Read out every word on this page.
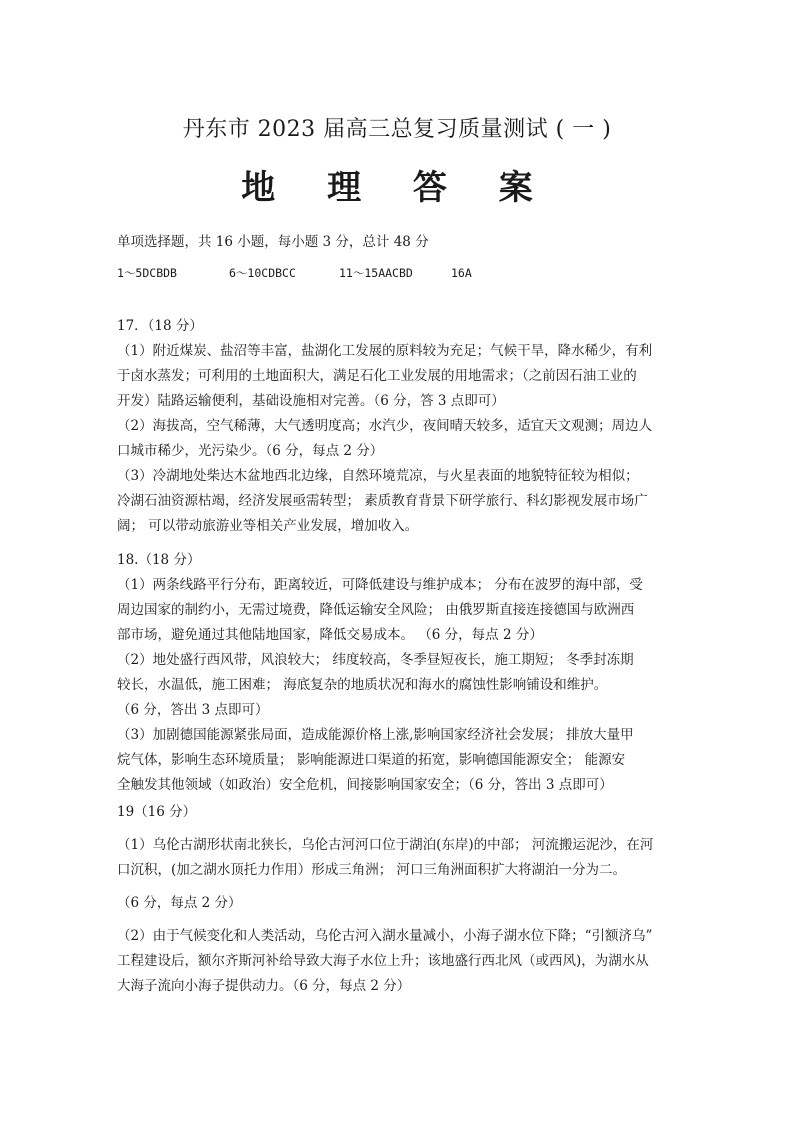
丹东市 2023 届高三总复习质量测试 ( 一 )
地 理 答 案
单项选择题，共 16 小题，每小题 3 分，总计 48 分
1～5DCBDB	6～10CDBCC	11～15AACBD	16A
17．（18 分）
（1）附近煤炭、盐沼等丰富，盐湖化工发展的原料较为充足；气候干旱，降水稀少，有利
于卤水蒸发；可利用的土地面积大，满足石化工业发展的用地需求；（之前因石油工业的
开发）陆路运输便利，基础设施相对完善。（6 分，答 3 点即可）
（2）海拔高，空气稀薄，大气透明度高；水汽少，夜间晴天较多，适宜天文观测；周边人
口城市稀少，光污染少。（6 分，每点 2 分）
（3）冷湖地处柴达木盆地西北边缘，自然环境荒凉，与火星表面的地貌特征较为相似；
冷湖石油资源枯竭，经济发展亟需转型； 素质教育背景下研学旅行、科幻影视发展市场广
阔； 可以带动旅游业等相关产业发展，增加收入。
18.（18 分）
（1）两条线路平行分布，距离较近，可降低建设与维护成本； 分布在波罗的海中部，受
周边国家的制约小，无需过境费，降低运输安全风险； 由俄罗斯直接连接德国与欧洲西
部市场，避免通过其他陆地国家，降低交易成本。 （6 分，每点 2 分）
（2）地处盛行西风带，风浪较大； 纬度较高，冬季昼短夜长，施工期短； 冬季封冻期
较长，水温低，施工困难； 海底复杂的地质状况和海水的腐蚀性影响铺设和维护。
（6 分，答出 3 点即可）
（3）加剧德国能源紧张局面，造成能源价格上涨,影响国家经济社会发展； 排放大量甲
烷气体，影响生态环境质量； 影响能源进口渠道的拓宽，影响德国能源安全； 能源安
全触发其他领域（如政治）安全危机，间接影响国家安全；（6 分，答出 3 点即可）
19（16 分）
（1）乌伦古湖形状南北狭长，乌伦古河河口位于湖泊(东岸)的中部； 河流搬运泥沙，在河
口沉积，(加之湖水顶托力作用）形成三角洲； 河口三角洲面积扩大将湖泊一分为二。
（6 分，每点 2 分）
（2）由于气候变化和人类活动，乌伦古河入湖水量减小，小海子湖水位下降；“引额济乌”
工程建设后，额尔齐斯河补给导致大海子水位上升；该地盛行西北风（或西风)，为湖水从
大海子流向小海子提供动力。（6 分，每点 2 分）
